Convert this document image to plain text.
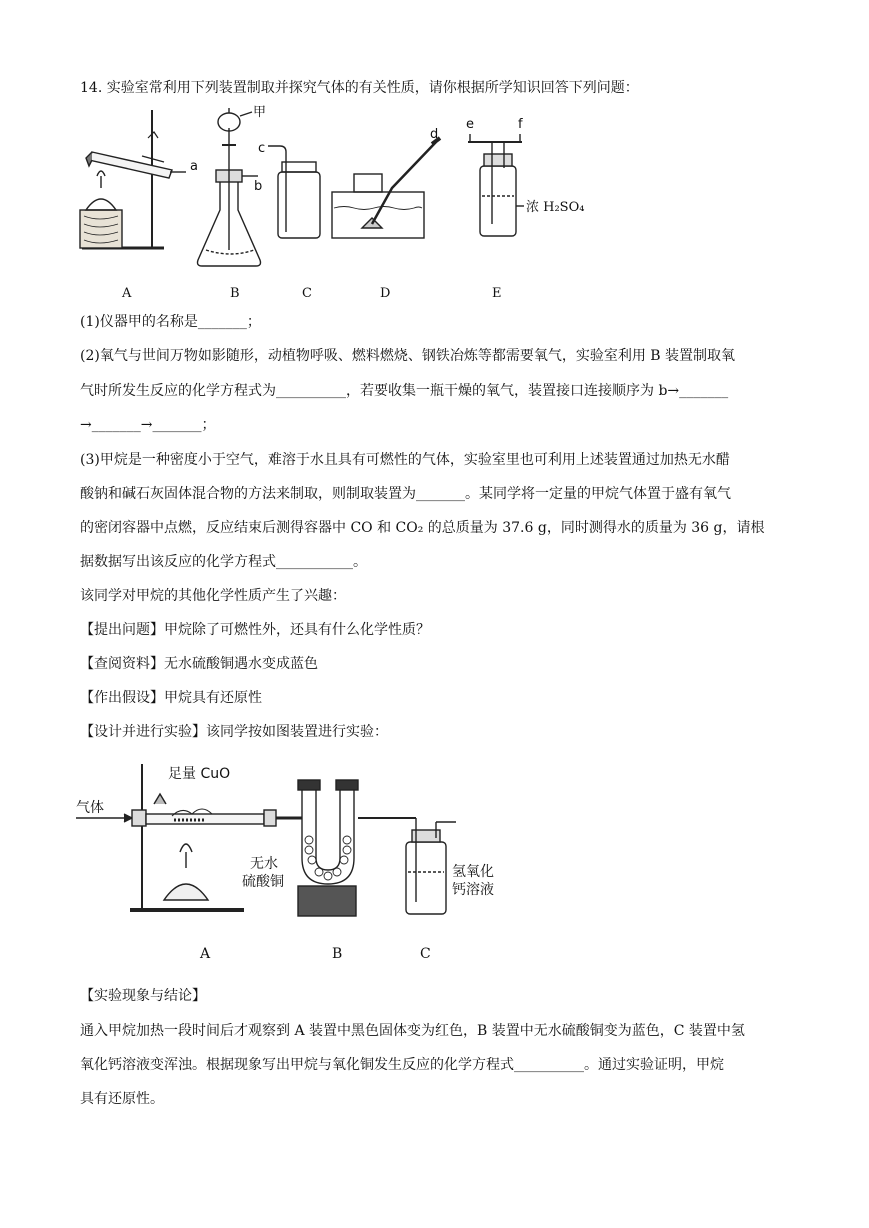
14. 实验室常利用下列装置制取并探究气体的有关性质，请你根据所学知识回答下列问题：
a
b
c
d
e	f
甲
浓 H₂SO₄
A	B	C	D	E
(1)仪器甲的名称是_______；
(2)氧气与世间万物如影随形，动植物呼吸、燃料燃烧、钢铁冶炼等都需要氧气，实验室利用 B 装置制取氧
气时所发生反应的化学方程式为__________，若要收集一瓶干燥的氧气，装置接口连接顺序为 b→_______
→_______→_______；
(3)甲烷是一种密度小于空气，难溶于水且具有可燃性的气体，实验室里也可利用上述装置通过加热无水醋
酸钠和碱石灰固体混合物的方法来制取，则制取装置为_______。某同学将一定量的甲烷气体置于盛有氧气
的密闭容器中点燃，反应结束后测得容器中 CO 和 CO₂ 的总质量为 37.6 g，同时测得水的质量为 36 g，请根
据数据写出该反应的化学方程式___________。
该同学对甲烷的其他化学性质产生了兴趣：
【提出问题】甲烷除了可燃性外，还具有什么化学性质？
【查阅资料】无水硫酸铜遇水变成蓝色
【作出假设】甲烷具有还原性
【设计并进行实验】该同学按如图装置进行实验：
气体
足量 CuO
无水
硫酸铜
氢氧化
钙溶液
A	B	C
【实验现象与结论】
通入甲烷加热一段时间后才观察到 A 装置中黑色固体变为红色，B 装置中无水硫酸铜变为蓝色，C 装置中氢
氧化钙溶液变浑浊。根据现象写出甲烷与氧化铜发生反应的化学方程式__________。通过实验证明，甲烷
具有还原性。
